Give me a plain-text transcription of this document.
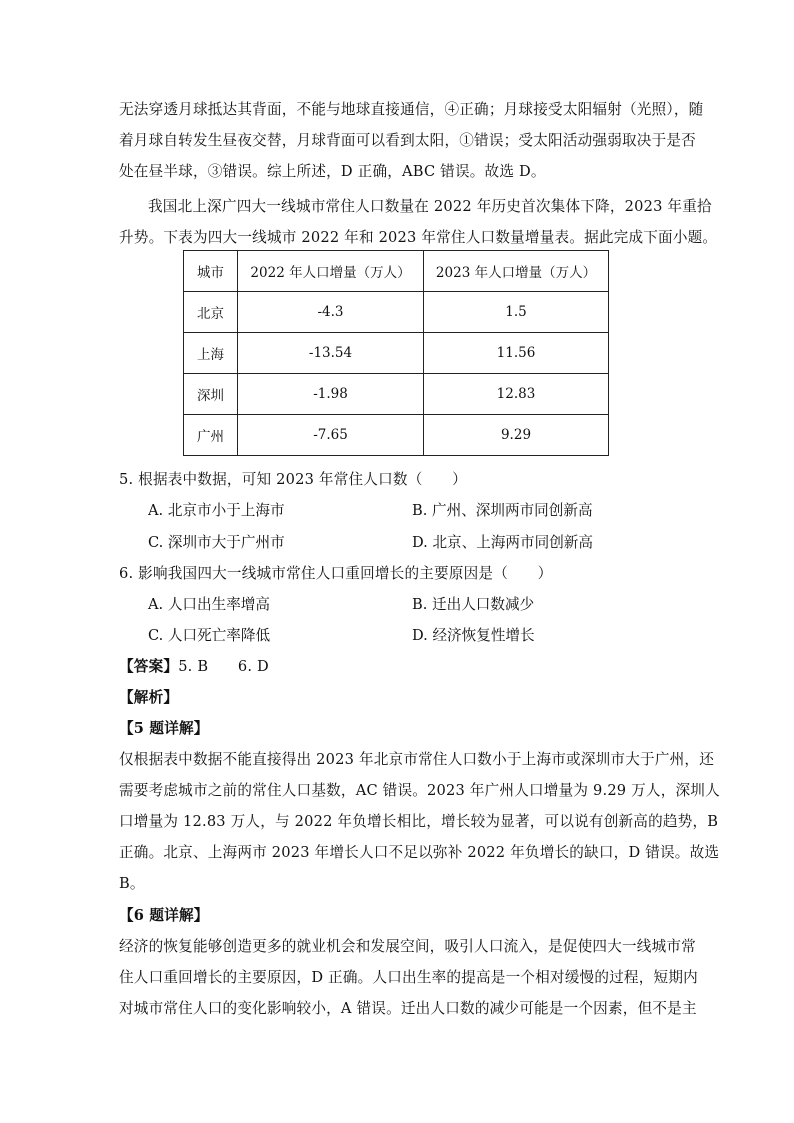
无法穿透月球抵达其背面，不能与地球直接通信，④正确；月球接受太阳辐射（光照），随
着月球自转发生昼夜交替，月球背面可以看到太阳，①错误；受太阳活动强弱取决于是否
处在昼半球，③错误。综上所述，D 正确，ABC 错误。故选 D。
我国北上深广四大一线城市常住人口数量在 2022 年历史首次集体下降，2023 年重拾
升势。下表为四大一线城市 2022 年和 2023 年常住人口数量增量表。据此完成下面小题。
城市	2022 年人口增量（万人）	2023 年人口增量（万人）
北京	-4.3	1.5
上海	-13.54	11.56
深圳	-1.98	12.83
广州	-7.65	9.29
5. 根据表中数据，可知 2023 年常住人口数（　　）
A. 北京市小于上海市	B. 广州、深圳两市同创新高
C. 深圳市大于广州市	D. 北京、上海两市同创新高
6. 影响我国四大一线城市常住人口重回增长的主要原因是（　　）
A. 人口出生率增高	B. 迁出人口数减少
C. 人口死亡率降低	D. 经济恢复性增长
【答案】5. B　　6. D
【解析】
【5 题详解】
仅根据表中数据不能直接得出 2023 年北京市常住人口数小于上海市或深圳市大于广州，还
需要考虑城市之前的常住人口基数，AC 错误。2023 年广州人口增量为 9.29 万人，深圳人
口增量为 12.83 万人，与 2022 年负增长相比，增长较为显著，可以说有创新高的趋势，B
正确。北京、上海两市 2023 年增长人口不足以弥补 2022 年负增长的缺口，D 错误。故选
B。
【6 题详解】
经济的恢复能够创造更多的就业机会和发展空间，吸引人口流入，是促使四大一线城市常
住人口重回增长的主要原因，D 正确。人口出生率的提高是一个相对缓慢的过程，短期内
对城市常住人口的变化影响较小，A 错误。迁出人口数的减少可能是一个因素，但不是主
